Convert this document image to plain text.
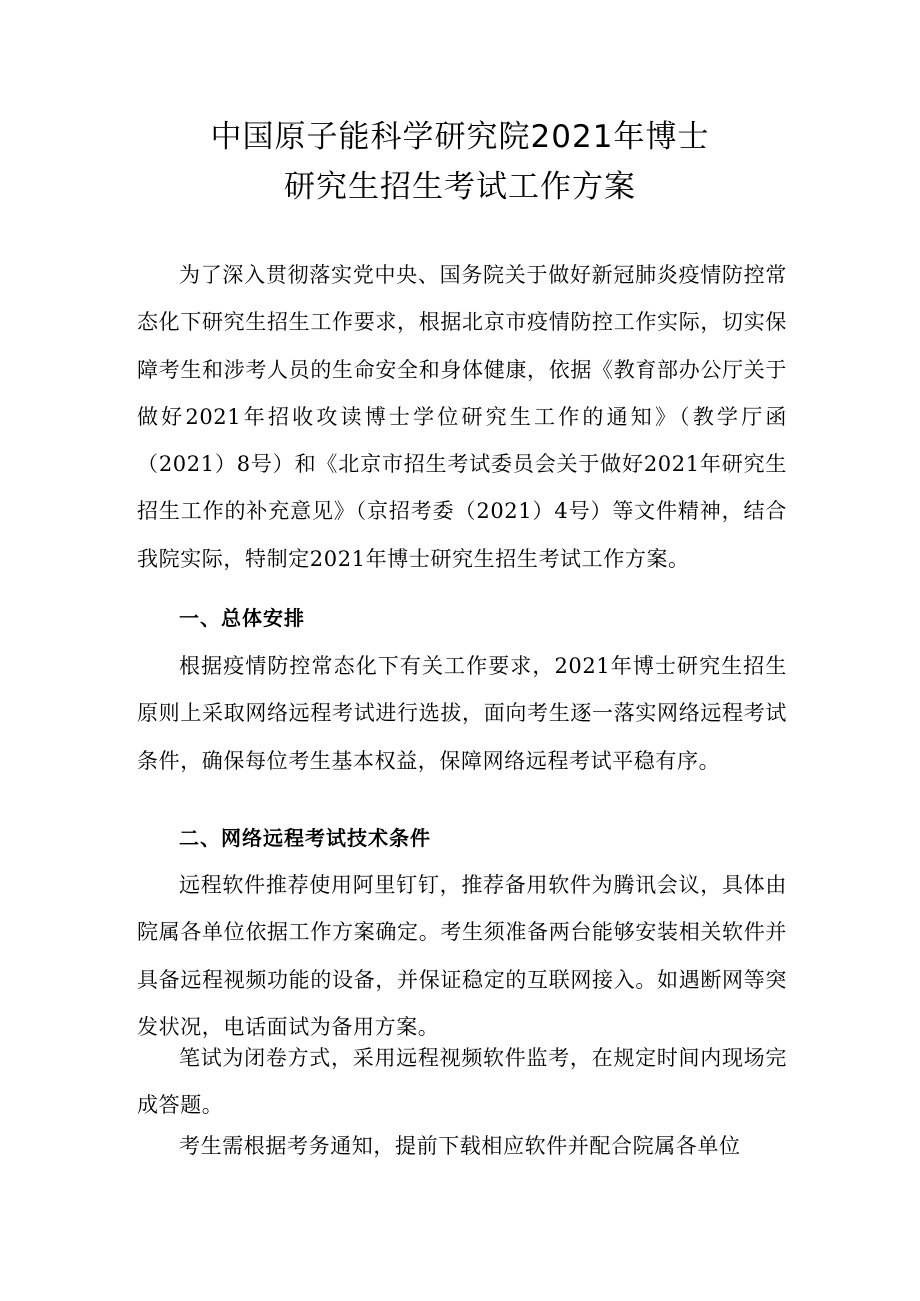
中国原子能科学研究院2021年博士
研究生招生考试工作方案

为了深入贯彻落实党中央、国务院关于做好新冠肺炎疫情防控常态化下研究生招生工作要求，根据北京市疫情防控工作实际，切实保障考生和涉考人员的生命安全和身体健康，依据《教育部办公厅关于做好2021年招收攻读博士学位研究生工作的通知》（教学厅函（2021）8号）和《北京市招生考试委员会关于做好2021年研究生招生工作的补充意见》（京招考委（2021）4号）等文件精神，结合我院实际，特制定2021年博士研究生招生考试工作方案。

一、总体安排

根据疫情防控常态化下有关工作要求，2021年博士研究生招生原则上采取网络远程考试进行选拔，面向考生逐一落实网络远程考试条件，确保每位考生基本权益，保障网络远程考试平稳有序。

二、网络远程考试技术条件

远程软件推荐使用阿里钉钉，推荐备用软件为腾讯会议，具体由院属各单位依据工作方案确定。考生须准备两台能够安装相关软件并具备远程视频功能的设备，并保证稳定的互联网接入。如遇断网等突发状况，电话面试为备用方案。

笔试为闭卷方式，采用远程视频软件监考，在规定时间内现场完成答题。

考生需根据考务通知，提前下载相应软件并配合院属各单位
